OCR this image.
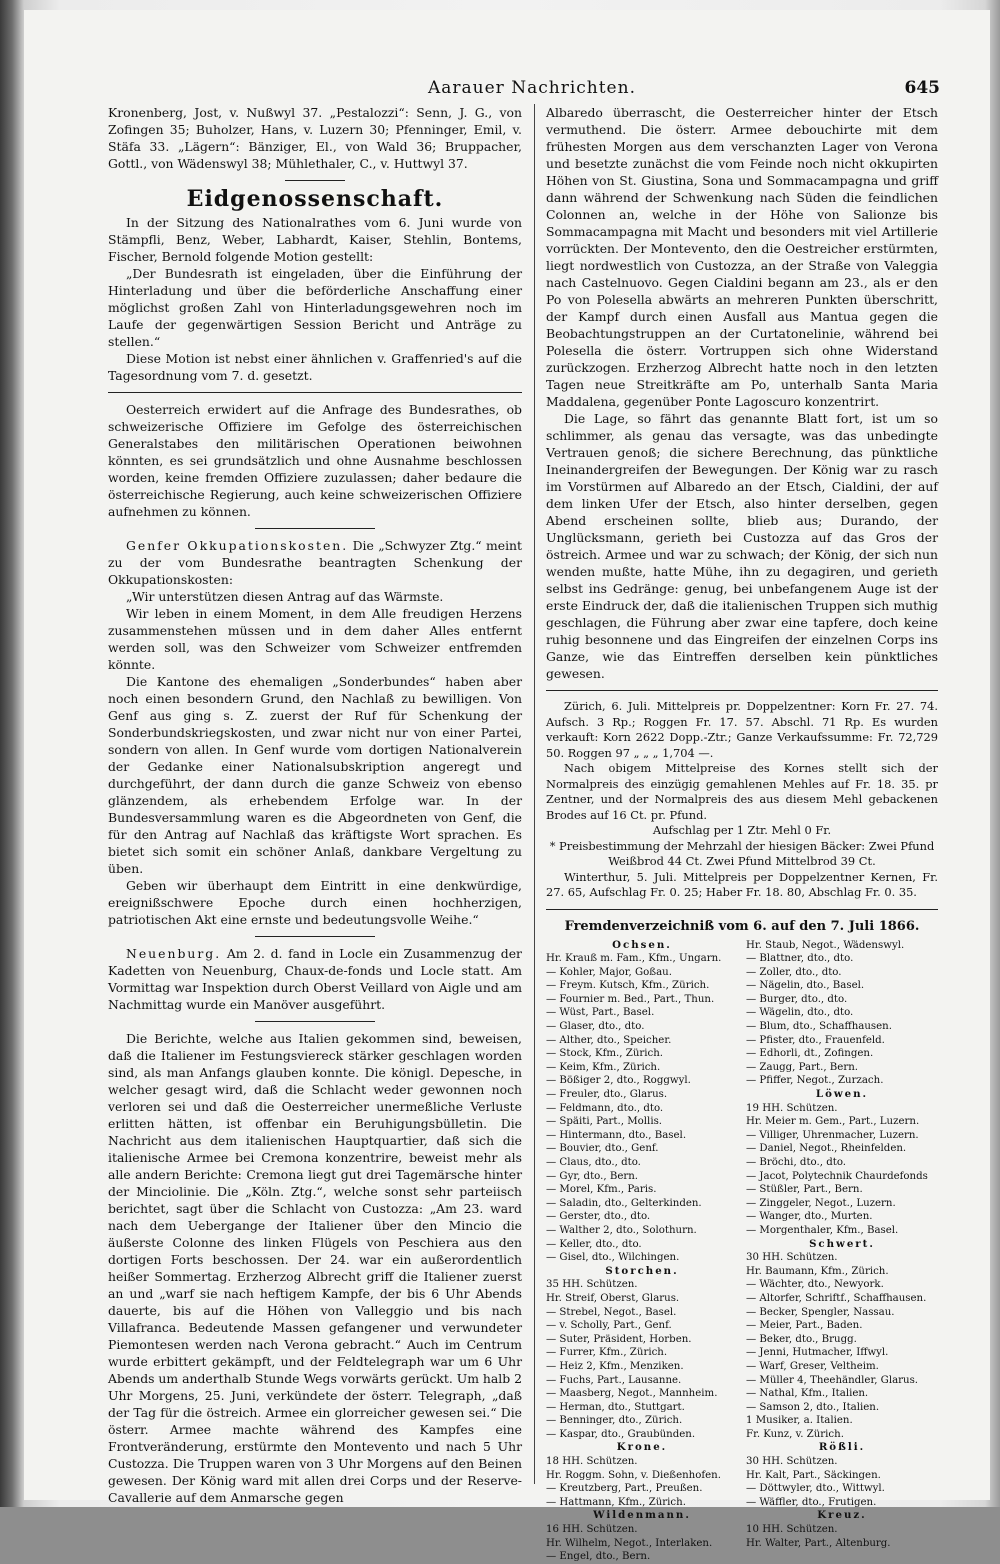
Aarauer Nachrichten.	645

Kronenberg, Jost, v. Nußwyl 37. „Pestalozzi“: Senn, J. G., von Zofingen 35; Buholzer, Hans, v. Luzern 30; Pfenninger, Emil, v. Stäfa 33. „Lägern“: Bänziger, El., von Wald 36; Bruppacher, Gottl., von Wädenswyl 38; Mühlethaler, C., v. Huttwyl 37.

Eidgenossenschaft.

In der Sitzung des Nationalrathes vom 6. Juni wurde von Stämpfli, Benz, Weber, Labhardt, Kaiser, Stehlin, Bontems, Fischer, Bernold folgende Motion gestellt:

„Der Bundesrath ist eingeladen, über die Einführung der Hinterladung und über die beförderliche Anschaffung einer möglichst großen Zahl von Hinterladungsgewehren noch im Laufe der gegenwärtigen Session Bericht und Anträge zu stellen.“

Diese Motion ist nebst einer ähnlichen v. Graffenried's auf die Tagesordnung vom 7. d. gesetzt.

Oesterreich erwidert auf die Anfrage des Bundesrathes, ob schweizerische Offiziere im Gefolge des österreichischen Generalstabes den militärischen Operationen beiwohnen könnten, es sei grundsätzlich und ohne Ausnahme beschlossen worden, keine fremden Offiziere zuzulassen; daher bedaure die österreichische Regierung, auch keine schweizerischen Offiziere aufnehmen zu können.

Genfer Okkupationskosten. Die „Schwyzer Ztg.“ meint zu der vom Bundesrathe beantragten Schenkung der Okkupationskosten:

„Wir unterstützen diesen Antrag auf das Wärmste.

Wir leben in einem Moment, in dem Alle freudigen Herzens zusammenstehen müssen und in dem daher Alles entfernt werden soll, was den Schweizer vom Schweizer entfremden könnte.

Die Kantone des ehemaligen „Sonderbundes“ haben aber noch einen besondern Grund, den Nachlaß zu bewilligen. Von Genf aus ging s. Z. zuerst der Ruf für Schenkung der Sonderbundskriegskosten, und zwar nicht nur von einer Partei, sondern von allen. In Genf wurde vom dortigen Nationalverein der Gedanke einer Nationalsubskription angeregt und durchgeführt, der dann durch die ganze Schweiz von ebenso glänzendem, als erhebendem Erfolge war. In der Bundesversammlung waren es die Abgeordneten von Genf, die für den Antrag auf Nachlaß das kräftigste Wort sprachen. Es bietet sich somit ein schöner Anlaß, dankbare Vergeltung zu üben.

Geben wir überhaupt dem Eintritt in eine denkwürdige, ereignißschwere Epoche durch einen hochherzigen, patriotischen Akt eine ernste und bedeutungsvolle Weihe.“

Neuenburg. Am 2. d. fand in Locle ein Zusammenzug der Kadetten von Neuenburg, Chaux-de-fonds und Locle statt. Am Vormittag war Inspektion durch Oberst Veillard von Aigle und am Nachmittag wurde ein Manöver ausgeführt.

Die Berichte, welche aus Italien gekommen sind, beweisen, daß die Italiener im Festungsviereck stärker geschlagen worden sind, als man Anfangs glauben konnte. Die königl. Depesche, in welcher gesagt wird, daß die Schlacht weder gewonnen noch verloren sei und daß die Oesterreicher unermeßliche Verluste erlitten hätten, ist offenbar ein Beruhigungsbülletin. Die Nachricht aus dem italienischen Hauptquartier, daß sich die italienische Armee bei Cremona konzentrire, beweist mehr als alle andern Berichte: Cremona liegt gut drei Tagemärsche hinter der Minciolinie. Die „Köln. Ztg.“, welche sonst sehr parteiisch berichtet, sagt über die Schlacht von Custozza: „Am 23. ward nach dem Uebergange der Italiener über den Mincio die äußerste Colonne des linken Flügels von Peschiera aus den dortigen Forts beschossen. Der 24. war ein außerordentlich heißer Sommertag. Erzherzog Albrecht griff die Italiener zuerst an und „warf sie nach heftigem Kampfe, der bis 6 Uhr Abends dauerte, bis auf die Höhen von Valleggio und bis nach Villafranca. Bedeutende Massen gefangener und verwundeter Piemontesen werden nach Verona gebracht.“ Auch im Centrum wurde erbittert gekämpft, und der Feldtelegraph war um 6 Uhr Abends um anderthalb Stunde Wegs vorwärts gerückt. Um halb 2 Uhr Morgens, 25. Juni, verkündete der österr. Telegraph, „daß der Tag für die östreich. Armee ein glorreicher gewesen sei.“ Die österr. Armee machte während des Kampfes eine Frontveränderung, erstürmte den Montevento und nach 5 Uhr Custozza. Die Truppen waren von 3 Uhr Morgens auf den Beinen gewesen. Der König ward mit allen drei Corps und der Reserve-Cavallerie auf dem Anmarsche gegen

Albaredo überrascht, die Oesterreicher hinter der Etsch vermuthend. Die österr. Armee debouchirte mit dem frühesten Morgen aus dem verschanzten Lager von Verona und besetzte zunächst die vom Feinde noch nicht okkupirten Höhen von St. Giustina, Sona und Sommacampagna und griff dann während der Schwenkung nach Süden die feindlichen Colonnen an, welche in der Höhe von Salionze bis Sommacampagna mit Macht und besonders mit viel Artillerie vorrückten. Der Montevento, den die Oestreicher erstürmten, liegt nordwestlich von Custozza, an der Straße von Valeggia nach Castelnuovo. Gegen Cialdini begann am 23., als er den Po von Polesella abwärts an mehreren Punkten überschritt, der Kampf durch einen Ausfall aus Mantua gegen die Beobachtungstruppen an der Curtatonelinie, während bei Polesella die österr. Vortruppen sich ohne Widerstand zurückzogen. Erzherzog Albrecht hatte noch in den letzten Tagen neue Streitkräfte am Po, unterhalb Santa Maria Maddalena, gegenüber Ponte Lagoscuro konzentrirt.

Die Lage, so fährt das genannte Blatt fort, ist um so schlimmer, als genau das versagte, was das unbedingte Vertrauen genoß; die sichere Berechnung, das pünktliche Ineinandergreifen der Bewegungen. Der König war zu rasch im Vorstürmen auf Albaredo an der Etsch, Cialdini, der auf dem linken Ufer der Etsch, also hinter derselben, gegen Abend erscheinen sollte, blieb aus; Durando, der Unglücksmann, gerieth bei Custozza auf das Gros der östreich. Armee und war zu schwach; der König, der sich nun wenden mußte, hatte Mühe, ihn zu degagiren, und gerieth selbst ins Gedränge: genug, bei unbefangenem Auge ist der erste Eindruck der, daß die italienischen Truppen sich muthig geschlagen, die Führung aber zwar eine tapfere, doch keine ruhig besonnene und das Eingreifen der einzelnen Corps ins Ganze, wie das Eintreffen derselben kein pünktliches gewesen.

Zürich, 6. Juli. Mittelpreis pr. Doppelzentner: Korn Fr. 27. 74. Aufsch. 3 Rp.; Roggen Fr. 17. 57. Abschl. 71 Rp. Es wurden verkauft: Korn 2622 Dopp.-Ztr.; Ganze Verkaufssumme: Fr. 72,729 50. Roggen 97 „ „ „ 1,704 —.

Nach obigem Mittelpreise des Kornes stellt sich der Normalpreis des einzügig gemahlenen Mehles auf Fr. 18. 35. pr Zentner, und der Normalpreis des aus diesem Mehl gebackenen Brodes auf 16 Ct. pr. Pfund.

Aufschlag per 1 Ztr. Mehl 0 Fr.

* Preisbestimmung der Mehrzahl der hiesigen Bäcker: Zwei Pfund Weißbrod 44 Ct. Zwei Pfund Mittelbrod 39 Ct.

Winterthur, 5. Juli. Mittelpreis per Doppelzentner Kernen, Fr. 27. 65, Aufschlag Fr. 0. 25; Haber Fr. 18. 80, Abschlag Fr. 0. 35.

Fremdenverzeichniß vom 6. auf den 7. Juli 1866.
Ochsen.
Hr. Krauß m. Fam., Kfm., Ungarn.
— Kohler, Major, Goßau.
— Freym. Kutsch, Kfm., Zürich.
— Fournier m. Bed., Part., Thun.
— Wüst, Part., Basel.
— Glaser, dto., dto.
— Alther, dto., Speicher.
— Stock, Kfm., Zürich.
— Keim, Kfm., Zürich.
— Bößiger 2, dto., Roggwyl.
— Freuler, dto., Glarus.
— Feldmann, dto., dto.
— Späiti, Part., Mollis.
— Hintermann, dto., Basel.
— Bouvier, dto., Genf.
— Claus, dto., dto.
— Gyr, dto., Bern.
— Morel, Kfm., Paris.
— Saladin, dto., Gelterkinden.
— Gerster, dto., dto.
— Walther 2, dto., Solothurn.
— Keller, dto., dto.
— Gisel, dto., Wilchingen.
Storchen.
35 HH. Schützen.
Hr. Streif, Oberst, Glarus.
— Strebel, Negot., Basel.
— v. Scholly, Part., Genf.
— Suter, Präsident, Horben.
— Furrer, Kfm., Zürich.
— Heiz 2, Kfm., Menziken.
— Fuchs, Part., Lausanne.
— Maasberg, Negot., Mannheim.
— Herman, dto., Stuttgart.
— Benninger, dto., Zürich.
— Kaspar, dto., Graubünden.
Krone.
18 HH. Schützen.
Hr. Roggm. Sohn, v. Dießenhofen.
— Kreutzberg, Part., Preußen.
— Hattmann, Kfm., Zürich.
Wildenmann.
16 HH. Schützen.
Hr. Wilhelm, Negot., Interlaken.
— Engel, dto., Bern.
Hr. Staub, Negot., Wädenswyl.
— Blattner, dto., dto.
— Zoller, dto., dto.
— Nägelin, dto., Basel.
— Burger, dto., dto.
— Wägelin, dto., dto.
— Blum, dto., Schaffhausen.
— Pfister, dto., Frauenfeld.
— Edhorli, dt., Zofingen.
— Zaugg, Part., Bern.
— Pfiffer, Negot., Zurzach.
Löwen.
19 HH. Schützen.
Hr. Meier m. Gem., Part., Luzern.
— Villiger, Uhrenmacher, Luzern.
— Daniel, Negot., Rheinfelden.
— Bröchi, dto., dto.
— Jacot, Polytechnik Chaurdefonds
— Stüßler, Part., Bern.
— Zinggeler, Negot., Luzern.
— Wanger, dto., Murten.
— Morgenthaler, Kfm., Basel.
Schwert.
30 HH. Schützen.
Hr. Baumann, Kfm., Zürich.
— Wächter, dto., Newyork.
— Altorfer, Schriftf., Schaffhausen.
— Becker, Spengler, Nassau.
— Meier, Part., Baden.
— Beker, dto., Brugg.
— Jenni, Hutmacher, Iffwyl.
— Warf, Greser, Veltheim.
— Müller 4, Theehändler, Glarus.
— Nathal, Kfm., Italien.
— Samson 2, dto., Italien.
1 Musiker, a. Italien.
Fr. Kunz, v. Zürich.
Rößli.
30 HH. Schützen.
Hr. Kalt, Part., Säckingen.
— Döttwyler, dto., Wittwyl.
— Wäffler, dto., Frutigen.
Kreuz.
10 HH. Schützen.
Hr. Walter, Part., Altenburg.
